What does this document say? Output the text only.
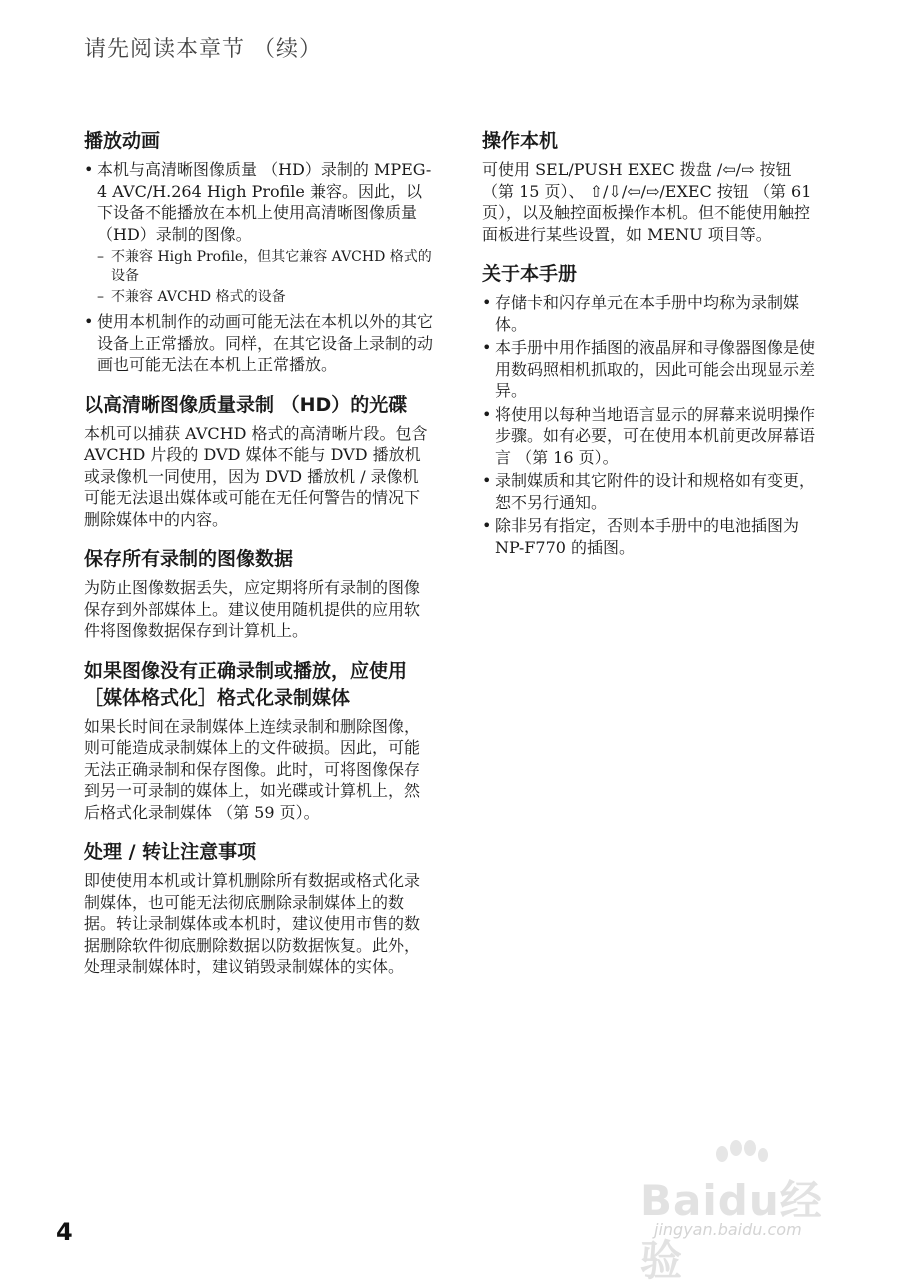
请先阅读本章节 （续）
播放动画
• 本机与高清晰图像质量 （HD）录制的 MPEG-4 AVC/H.264 High Profile 兼容。因此，以下设备不能播放在本机上使用高清晰图像质量 （HD）录制的图像。
– 不兼容 High Profile，但其它兼容 AVCHD 格式的设备
– 不兼容 AVCHD 格式的设备
• 使用本机制作的动画可能无法在本机以外的其它设备上正常播放。同样，在其它设备上录制的动画也可能无法在本机上正常播放。
以高清晰图像质量录制 （HD）的光碟

本机可以捕获 AVCHD 格式的高清晰片段。包含 AVCHD 片段的 DVD 媒体不能与 DVD 播放机或录像机一同使用，因为 DVD 播放机 / 录像机可能无法退出媒体或可能在无任何警告的情况下删除媒体中的内容。

保存所有录制的图像数据

为防止图像数据丢失，应定期将所有录制的图像保存到外部媒体上。建议使用随机提供的应用软件将图像数据保存到计算机上。

如果图像没有正确录制或播放，应使用 ［媒体格式化］格式化录制媒体

如果长时间在录制媒体上连续录制和删除图像，则可能造成录制媒体上的文件破损。因此，可能无法正确录制和保存图像。此时，可将图像保存到另一可录制的媒体上，如光碟或计算机上，然后格式化录制媒体 （第 59 页）。

处理 / 转让注意事项

即使使用本机或计算机删除所有数据或格式化录制媒体，也可能无法彻底删除录制媒体上的数据。转让录制媒体或本机时，建议使用市售的数据删除软件彻底删除数据以防数据恢复。此外，处理录制媒体时，建议销毁录制媒体的实体。

操作本机

可使用 SEL/PUSH EXEC 拨盘 /⇦/⇨ 按钮 （第 15 页）、 ⇧/⇩/⇦/⇨/EXEC 按钮 （第 61 页），以及触控面板操作本机。但不能使用触控面板进行某些设置，如 MENU 项目等。

关于本手册
• 存储卡和闪存单元在本手册中均称为录制媒体。
• 本手册中用作插图的液晶屏和寻像器图像是使用数码照相机抓取的，因此可能会出现显示差异。
• 将使用以每种当地语言显示的屏幕来说明操作步骤。如有必要，可在使用本机前更改屏幕语言 （第 16 页）。
• 录制媒质和其它附件的设计和规格如有变更，恕不另行通知。
• 除非另有指定，否则本手册中的电池插图为 NP-F770 的插图。
4
Baidu经验
jingyan.baidu.com
